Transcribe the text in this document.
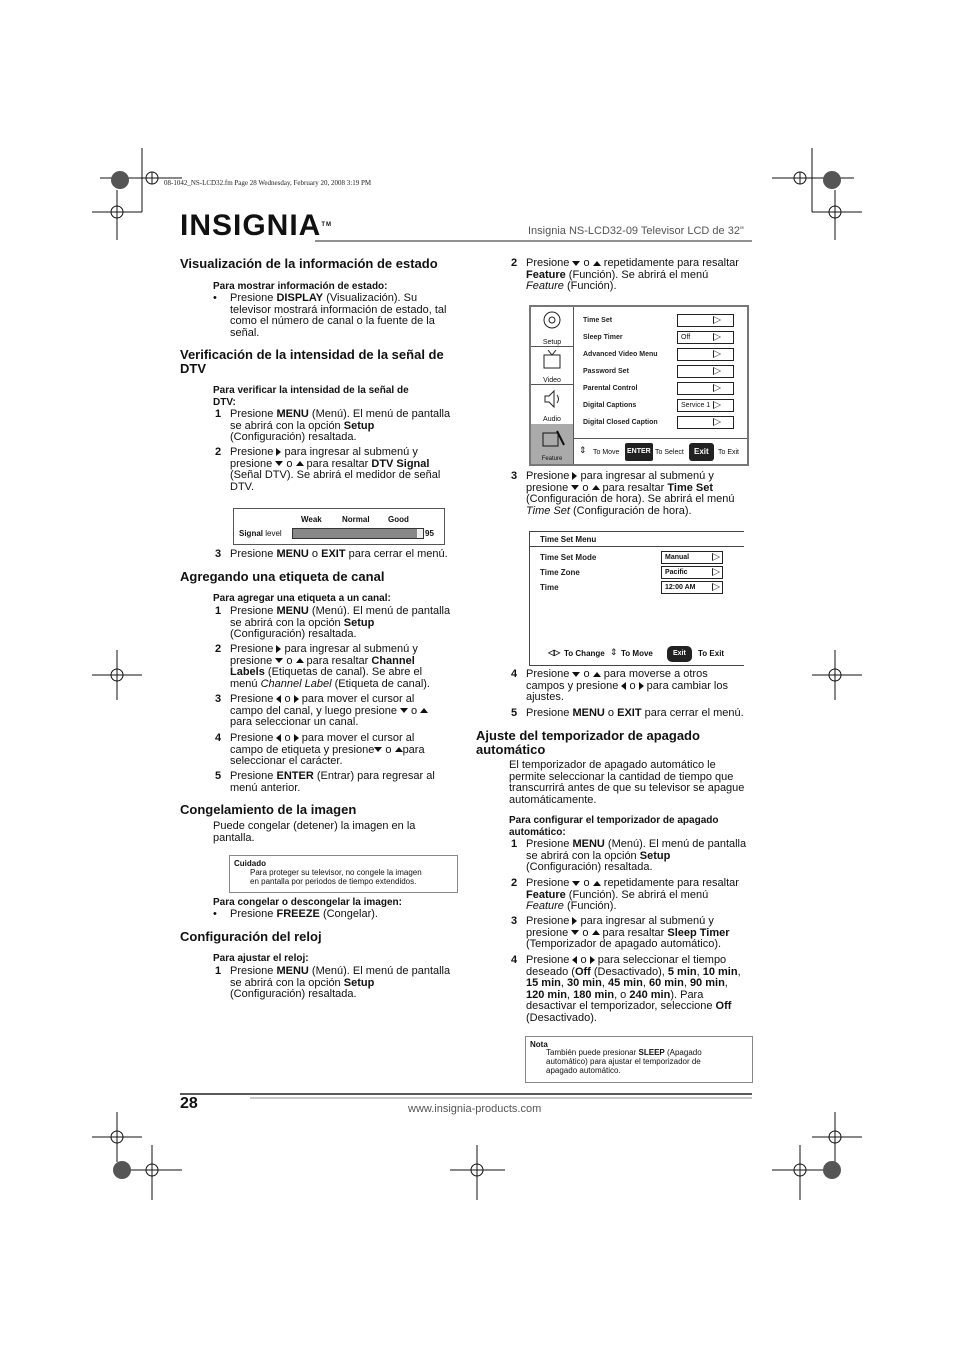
08-1042_NS-LCD32.fm Page 28 Wednesday, February 20, 2008 3:19 PM
INSIGNIA™	Insignia NS-LCD32-09 Televisor LCD de 32"
Visualización de la información de estado
Para mostrar información de estado:
• Presione DISPLAY (Visualización). Su
televisor mostrará información de estado, tal
como el número de canal o la fuente de la
señal.
Verificación de la intensidad de la señal de
DTV
Para verificar la intensidad de la señal de
DTV:
1 Presione MENU (Menú). El menú de pantalla
se abrirá con la opción Setup
(Configuración) resaltada.
2 Presione  para ingresar al submenú y
presione  o  para resaltar DTV Signal
(Señal DTV). Se abrirá el medidor de señal
DTV.
Weak	Normal Good
Signal level	95
3 Presione MENU o EXIT para cerrar el menú.
Agregando una etiqueta de canal
Para agregar una etiqueta a un canal:
1 Presione MENU (Menú). El menú de pantalla
se abrirá con la opción Setup
(Configuración) resaltada.
2 Presione  para ingresar al submenú y
presione  o  para resaltar Channel
Labels (Etiquetas de canal). Se abre el
menú Channel Label (Etiqueta de canal).
3 Presione  o  para mover el cursor al
campo del canal, y luego presione  o
para seleccionar un canal.
4 Presione  o  para mover el cursor al
campo de etiqueta y presione o para
seleccionar el carácter.
5 Presione ENTER (Entrar) para regresar al
menú anterior.
Congelamiento de la imagen
Puede congelar (detener) la imagen en la
pantalla.
Cuidado
Para proteger su televisor, no congele la imagen
en pantalla por periodos de tiempo extendidos.
Para congelar o descongelar la imagen:
• Presione FREEZE (Congelar).
Configuración del reloj
Para ajustar el reloj:
1 Presione MENU (Menú). El menú de pantalla
se abrirá con la opción Setup
(Configuración) resaltada.
2 Presione  o  repetidamente para resaltar
Feature (Función). Se abrirá el menú
Feature (Función).
Setup
Video
Audio
Feature
Time Set
Sleep Timer	Off
Advanced Video Menu
Password Set
Parental Control
Digital Captions	Service 1
Digital Closed Caption
⇕ To Move ENTER To Select	Exit	To Exit
3 Presione  para ingresar al submenú y
presione  o  para resaltar Time Set
(Configuración de hora). Se abrirá el menú
Time Set (Configuración de hora).
Time Set Menu
Time Set Mode	Manual
Time Zone	Pacific
Time	12:00 AM
◁▷ To Change ⇕ To Move	Exit	To Exit
4 Presione  o  para moverse a otros
campos y presione  o  para cambiar los
ajustes.
5 Presione MENU o EXIT para cerrar el menú.
Ajuste del temporizador de apagado
automático
El temporizador de apagado automático le
permite seleccionar la cantidad de tiempo que
transcurrirá antes de que su televisor se apague
automáticamente.
Para configurar el temporizador de apagado
automático:
1 Presione MENU (Menú). El menú de pantalla
se abrirá con la opción Setup
(Configuración) resaltada.
2 Presione  o  repetidamente para resaltar
Feature (Función). Se abrirá el menú
Feature (Función).
3 Presione  para ingresar al submenú y
presione  o  para resaltar Sleep Timer
(Temporizador de apagado automático).
4 Presione  o  para seleccionar el tiempo
deseado (Off (Desactivado), 5 min, 10 min,
15 min, 30 min, 45 min, 60 min, 90 min,
120 min, 180 min, o 240 min). Para
desactivar el temporizador, seleccione Off
(Desactivado).
Nota
También puede presionar SLEEP (Apagado
automático) para ajustar el temporizador de
apagado automático.
28	www.insignia-products.com
